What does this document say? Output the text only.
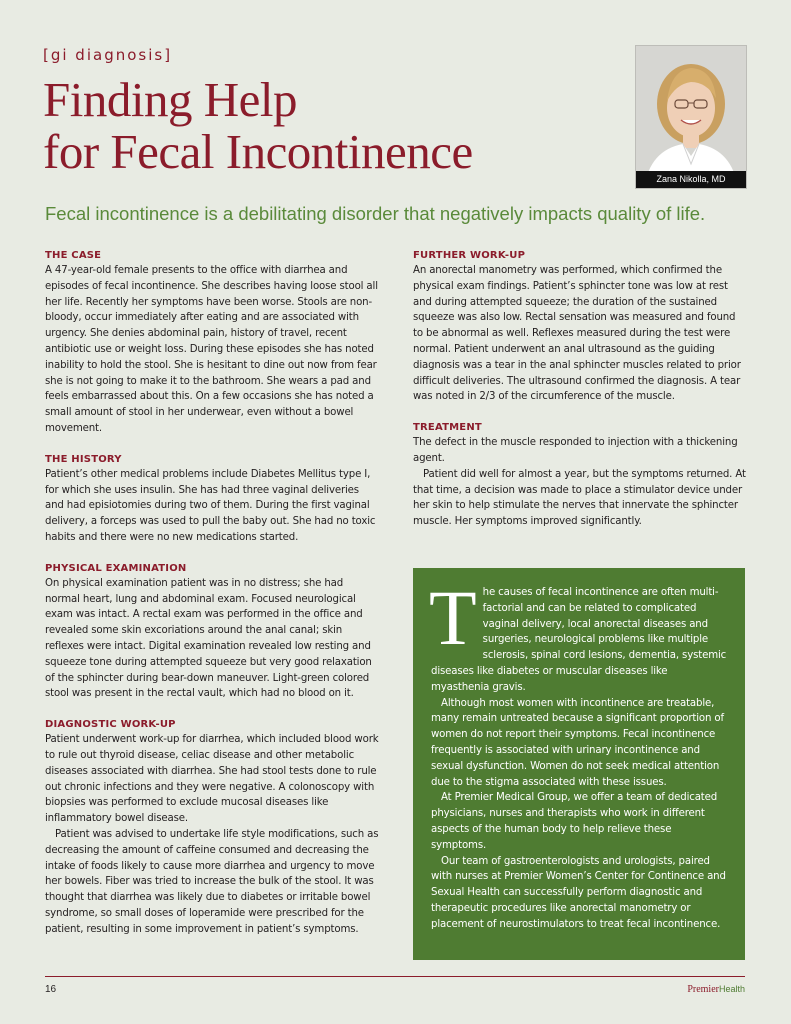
[gi diagnosis]
Finding Help
for Fecal Incontinence	Zana Nikolla, MD
Fecal incontinence is a debilitating disorder that negatively impacts quality of life.
THE CASE

A 47-year-old female presents to the office with diarrhea and episodes of fecal incontinence. She describes having loose stool all her life. Recently her symptoms have been worse. Stools are non-bloody, occur immediately after eating and are associated with urgency. She denies abdominal pain, history of travel, recent antibiotic use or weight loss. During these episodes she has noted inability to hold the stool. She is hesitant to dine out now from fear she is not going to make it to the bathroom. She wears a pad and feels embarrassed about this. On a few occasions she has noted a small amount of stool in her underwear, even without a bowel movement.

THE HISTORY

Patient’s other medical problems include Diabetes Mellitus type I, for which she uses insulin. She has had three vaginal deliveries and had episiotomies during two of them. During the first vaginal delivery, a forceps was used to pull the baby out. She had no toxic habits and there were no new medications started.

PHYSICAL EXAMINATION

On physical examination patient was in no distress; she had normal heart, lung and abdominal exam. Focused neurological exam was intact. A rectal exam was performed in the office and revealed some skin excoriations around the anal canal; skin reflexes were intact. Digital examination revealed low resting and squeeze tone during attempted squeeze but very good relaxation of the sphincter during bear-down maneuver. Light-green colored stool was present in the rectal vault, which had no blood on it.

DIAGNOSTIC WORK-UP

Patient underwent work-up for diarrhea, which included blood work to rule out thyroid disease, celiac disease and other metabolic diseases associated with diarrhea. She had stool tests done to rule out chronic infections and they were negative. A colonoscopy with biopsies was performed to exclude mucosal diseases like inflammatory bowel disease.

Patient was advised to undertake life style modifications, such as decreasing the amount of caffeine consumed and decreasing the intake of foods likely to cause more diarrhea and urgency to move her bowels. Fiber was tried to increase the bulk of the stool. It was thought that diarrhea was likely due to diabetes or irritable bowel syndrome, so small doses of loperamide were prescribed for the patient, resulting in some improvement in patient’s symptoms.

FURTHER WORK-UP

An anorectal manometry was performed, which confirmed the physical exam findings. Patient’s sphincter tone was low at rest and during attempted squeeze; the duration of the sustained squeeze was also low. Rectal sensation was measured and found to be abnormal as well. Reflexes measured during the test were normal. Patient underwent an anal ultrasound as the guiding diagnosis was a tear in the anal sphincter muscles related to prior difficult deliveries. The ultrasound confirmed the diagnosis. A tear was noted in 2/3 of the circumference of the muscle.

TREATMENT

The defect in the muscle responded to injection with a thickening agent.

Patient did well for almost a year, but the symptoms returned. At that time, a decision was made to place a stimulator device under her skin to help stimulate the nerves that innervate the sphincter muscle. Her symptoms improved significantly.

T he causes of fecal incontinence are often multi-factorial and can be related to complicated vaginal delivery, local anorectal diseases and surgeries, neurological problems like multiple sclerosis, spinal cord lesions, dementia, systemic diseases like diabetes or muscular diseases like myasthenia gravis.

Although most women with incontinence are treatable, many remain untreated because a significant proportion of women do not report their symptoms. Fecal incontinence frequently is associated with urinary incontinence and sexual dysfunction. Women do not seek medical attention due to the stigma associated with these issues.

At Premier Medical Group, we offer a team of dedicated physicians, nurses and therapists who work in different aspects of the human body to help relieve these symptoms.

Our team of gastroenterologists and urologists, paired with nurses at Premier Women’s Center for Continence and Sexual Health can successfully perform diagnostic and therapeutic procedures like anorectal manometry or placement of neurostimulators to treat fecal incontinence.

16	PremierHealth
